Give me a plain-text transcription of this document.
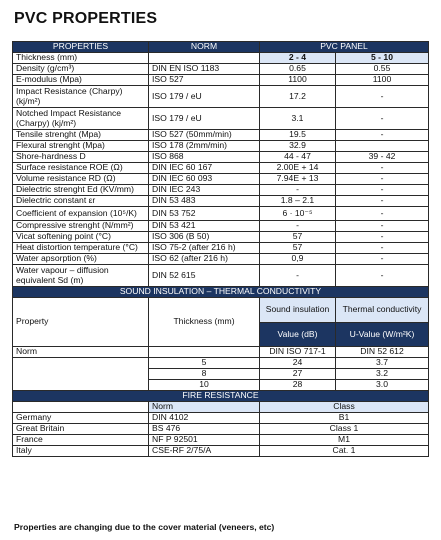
PVC PROPERTIES
PROPERTIES	NORM	PVC PANEL	
Thickness (mm)		2 - 4	5 - 10
Density (g/cm³)	DIN EN ISO 1183	0.65	0.55
E-modulus (Mpa)	ISO 527	1100	1100
Impact Resistance (Charpy) (kj/m²)	ISO 179 / eU	17.2	-
Notched Impact Resistance (Charpy) (kj/m²)	ISO 179 / eU	3.1	-
Tensile strenght (Mpa)	ISO 527 (50mm/min)	19.5	-
Flexural strenght (Mpa)	ISO 178 (2mm/min)	32.9	
Shore-hardness D	ISO 868	44 - 47	39 - 42
Surface resistance ROE (Ω)	DIN IEC 60 167	2.00E + 14	-
Volume resistance RD (Ω)	DIN IEC 60 093	7.94E + 13	-
Dielectric strenght Ed (KV/mm)	DIN IEC 243	-	-
Dielectric constant εr	DIN 53 483	1.8 – 2.1	-
Coefficient of expansion (10⁵/K)	DIN 53 752	6 · 10⁻⁵	-
Compressive strenght (N/mm²)	DIN 53 421	-	-
Vicat softening point (°C)	ISO 306 (B 50)	57	-
Heat distortion temperature (°C)	ISO 75-2 (after 216 h)	57	-
Water apsorption (%)	ISO 62 (after 216 h)	0,9	-
Water vapour – diffusion equivalent Sd (m)	DIN 52 615	-	-
SOUND INSULATION – THERMAL CONDUCTIVITY			
Property	Thickness (mm)	Sound insulation	Thermal conductivity
		Value (dB)	U-Value (W/m²K)
Norm		DIN ISO 717-1	DIN 52 612
	5	24	3.7
	8	27	3.2
	10	28	3.0
FIRE RESISTANCE			
	Norm	Class	
Germany	DIN 4102	B1	
Great Britain	BS 476	Class 1	
France	NF P 92501	M1	
Italy	CSE-RF 2/75/A	Cat. 1	
Properties are changing due to the cover material (veneers, etc)
